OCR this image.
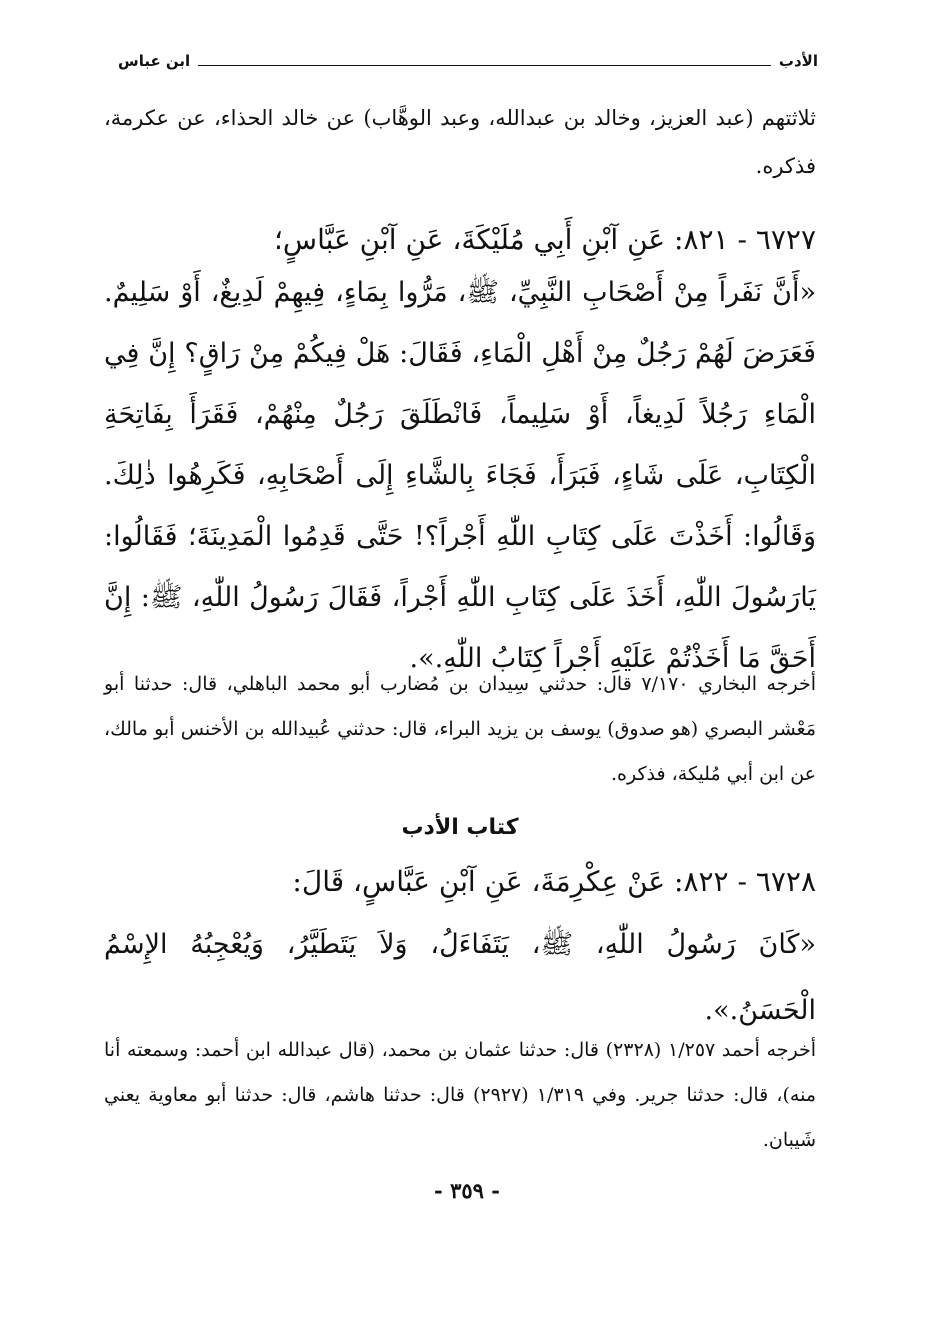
الأدب
ابن عباس
ثلاثتهم (عبد العزيز، وخالد بن عبدالله، وعبد الوهَّاب) عن خالد الحذاء، عن عكرمة، فذكره.
٦٧٢٧ - ٨٢١: عَنِ آبْنِ أَبِي مُلَيْكَةَ، عَنِ آبْنِ عَبَّاسٍ؛
«أَنَّ نَفَراً مِنْ أَصْحَابِ النَّبِيِّ، ﷺ، مَرُّوا بِمَاءٍ، فِيهِمْ لَدِيغٌ، أَوْ سَلِيمٌ. فَعَرَضَ لَهُمْ رَجُلٌ مِنْ أَهْلِ الْمَاءِ، فَقَالَ: هَلْ فِيكُمْ مِنْ رَاقٍ؟ إِنَّ فِي الْمَاءِ رَجُلاً لَدِيغاً، أَوْ سَلِيماً، فَانْطَلَقَ رَجُلٌ مِنْهُمْ، فَقَرَأَ بِفَاتِحَةِ الْكِتَابِ، عَلَى شَاءٍ، فَبَرَأَ، فَجَاءَ بِالشَّاءِ إِلَى أَصْحَابِهِ، فَكَرِهُوا ذٰلِكَ. وَقَالُوا: أَخَذْتَ عَلَى كِتَابِ اللّٰهِ أَجْراً؟! حَتَّى قَدِمُوا الْمَدِينَةَ؛ فَقَالُوا: يَارَسُولَ اللّٰهِ، أَخَذَ عَلَى كِتَابِ اللّٰهِ أَجْراً، فَقَالَ رَسُولُ اللّٰهِ، ﷺ: إِنَّ أَحَقَّ مَا أَخَذْتُمْ عَلَيْهِ أَجْراً كِتَابُ اللّٰهِ.».
أخرجه البخاري ٧/١٧٠ قال: حدثني سِيدان بن مُضارب أبو محمد الباهلي، قال: حدثنا أبو مَعْشر البصري (هو صدوق) يوسف بن يزيد البراء، قال: حدثني عُبيدالله بن الأخنس أبو مالك، عن ابن أبي مُليكة، فذكره.
كتاب الأدب
٦٧٢٨ - ٨٢٢: عَنْ عِكْرِمَةَ، عَنِ آبْنِ عَبَّاسٍ، قَالَ:
«كَانَ رَسُولُ اللّٰهِ، ﷺ، يَتَفَاءَلُ، وَلاَ يَتَطَيَّرُ، وَيُعْجِبُهُ الإِسْمُ الْحَسَنُ.».
أخرجه أحمد ١/٢٥٧ (٢٣٢٨) قال: حدثنا عثمان بن محمد، (قال عبدالله ابن أحمد: وسمعته أنا منه)، قال: حدثنا جرير. وفي ١/٣١٩ (٢٩٢٧) قال: حدثنا هاشم، قال: حدثنا أبو معاوية يعني شَيبان.
- ٣٥٩ -
